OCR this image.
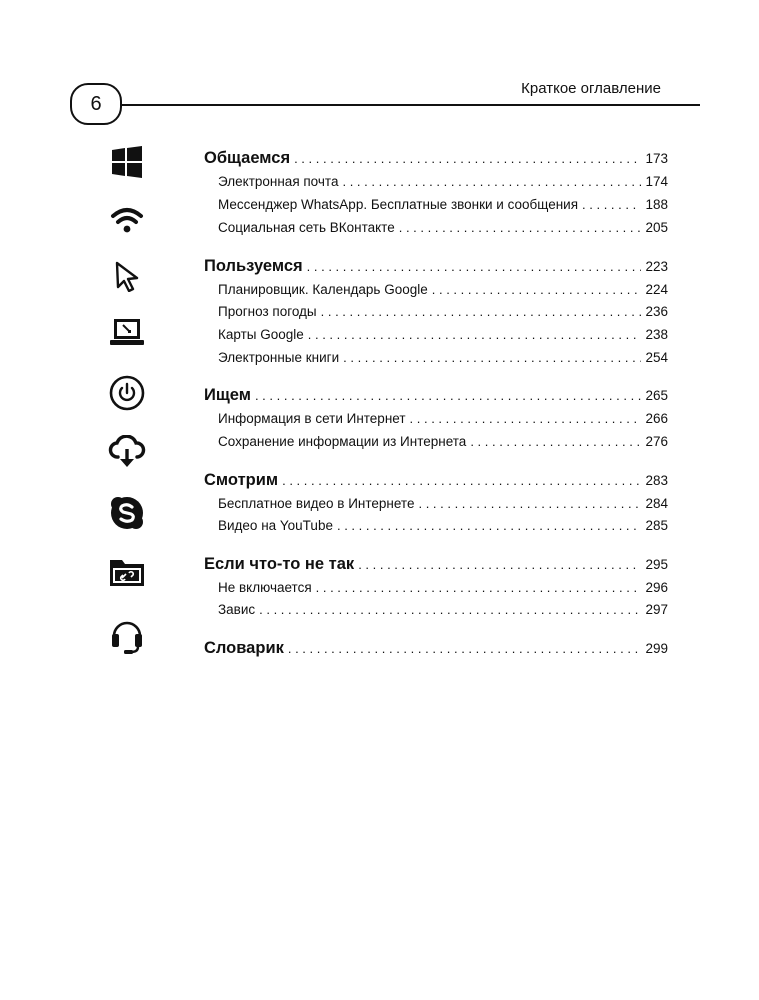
6
Краткое оглавление
Общаемся . . .	173
Электронная почта . . .	174
Мессенджер WhatsApp. Бесплатные звонки и сообщения . . .	188
Социальная сеть ВКонтакте . . .	205
Пользуемся . . .	223
Планировщик. Календарь Google . . .	224
Прогноз погоды . . .	236
Карты Google . . .	238
Электронные книги . . .	254
Ищем . . .	265
Информация в сети Интернет . . .	266
Сохранение информации из Интернета . . .	276
Смотрим . . .	283
Бесплатное видео в Интернете . . .	284
Видео на YouTube . . .	285
Если что-то не так . . .	295
Не включается . . .	296
Завис . . .	297
Словарик . . .	299
